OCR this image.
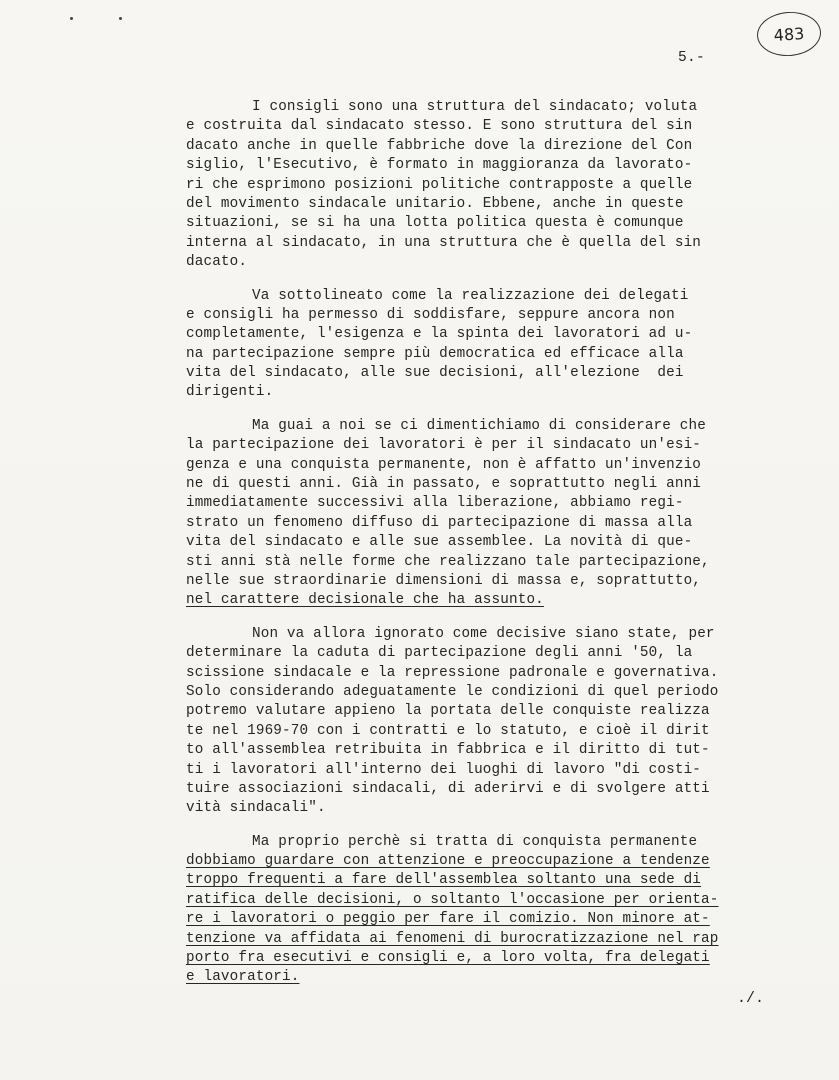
483
5.-
I consigli sono una struttura del sindacato; voluta
e costruita dal sindacato stesso. E sono struttura del sin
dacato anche in quelle fabbriche dove la direzione del Con
siglio, l'Esecutivo, è formato in maggioranza da lavorato-
ri che esprimono posizioni politiche contrapposte a quelle
del movimento sindacale unitario. Ebbene, anche in queste
situazioni, se si ha una lotta politica questa è comunque
interna al sindacato, in una struttura che è quella del sin
dacato.
Va sottolineato come la realizzazione dei delegati
e consigli ha permesso di soddisfare, seppure ancora non
completamente, l'esigenza e la spinta dei lavoratori ad u-
na partecipazione sempre più democratica ed efficace alla
vita del sindacato, alle sue decisioni, all'elezione  dei
dirigenti.
Ma guai a noi se ci dimentichiamo di considerare che
la partecipazione dei lavoratori è per il sindacato un'esi-
genza e una conquista permanente, non è affatto un'invenzio
ne di questi anni. Già in passato, e soprattutto negli anni
immediatamente successivi alla liberazione, abbiamo regi-
strato un fenomeno diffuso di partecipazione di massa alla
vita del sindacato e alle sue assemblee. La novità di que-
sti anni stà nelle forme che realizzano tale partecipazione,
nelle sue straordinarie dimensioni di massa e, soprattutto,
nel carattere decisionale che ha assunto.
Non va allora ignorato come decisive siano state, per
determinare la caduta di partecipazione degli anni '50, la
scissione sindacale e la repressione padronale e governativa.
Solo considerando adeguatamente le condizioni di quel periodo
potremo valutare appieno la portata delle conquiste realizza
te nel 1969-70 con i contratti e lo statuto, e cioè il dirit
to all'assemblea retribuita in fabbrica e il diritto di tut-
ti i lavoratori all'interno dei luoghi di lavoro "di costi-
tuire associazioni sindacali, di aderirvi e di svolgere atti
vità sindacali".
Ma proprio perchè si tratta di conquista permanente
dobbiamo guardare con attenzione e preoccupazione a tendenze
troppo frequenti a fare dell'assemblea soltanto una sede di
ratifica delle decisioni, o soltanto l'occasione per orienta-
re i lavoratori o peggio per fare il comizio. Non minore at-
tenzione va affidata ai fenomeni di burocratizzazione nel rap
porto fra esecutivi e consigli e, a loro volta, fra delegati
e lavoratori.
./.
